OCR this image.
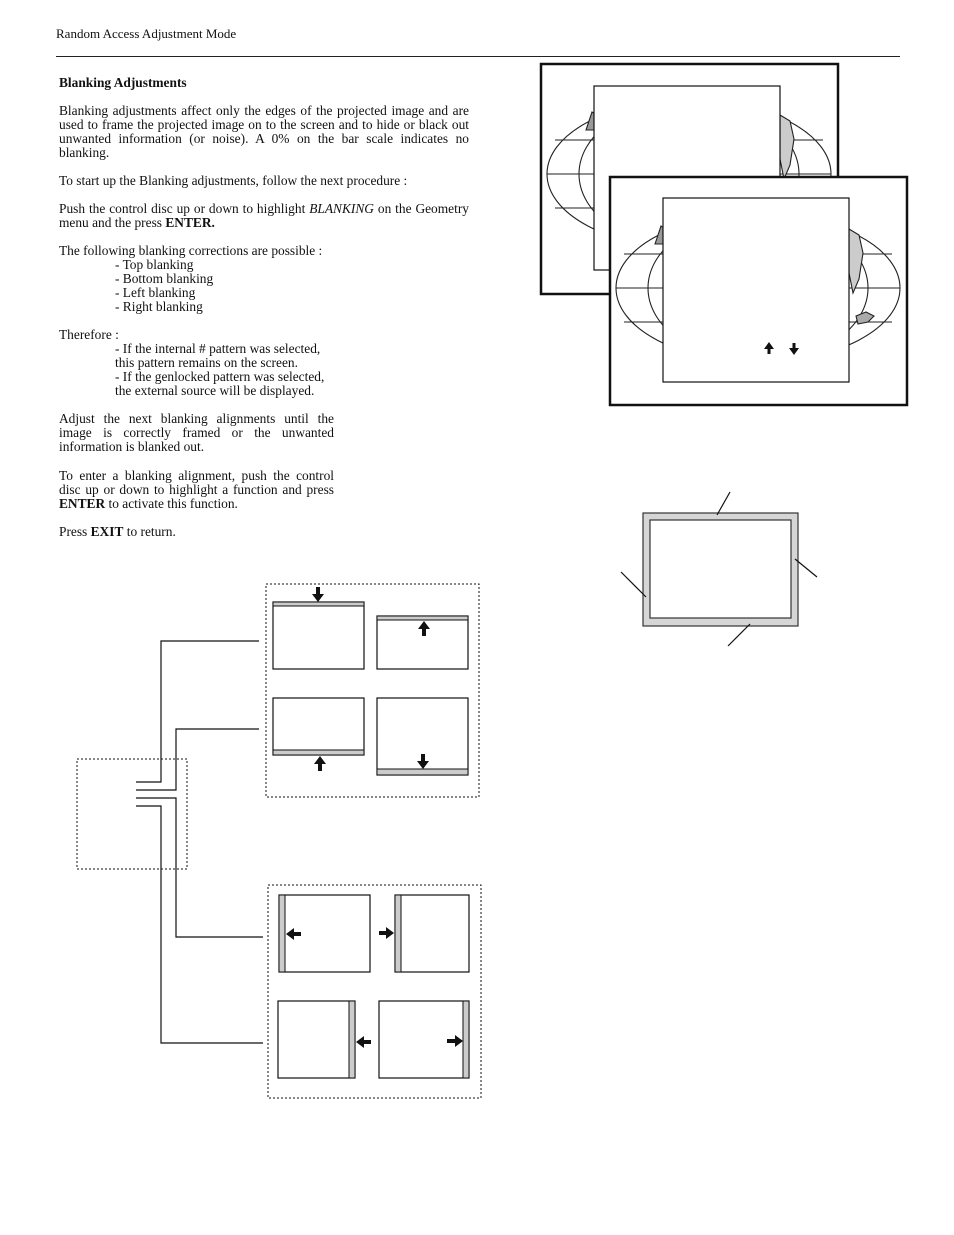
Random Access Adjustment Mode
Blanking Adjustments
Blanking adjustments affect only the edges of the projected image and are used to frame the projected image on to the screen and to hide or black out unwanted information (or noise). A 0% on the bar scale indicates no blanking.
To start up the Blanking adjustments, follow the next procedure :
Push the control disc up or down to highlight BLANKING on the Geometry menu and the press ENTER.

The following blanking corrections are possible :

- Top blanking

- Bottom blanking

- Left blanking

- Right blanking

Therefore :

- If the internal # pattern was selected, this pattern remains on the screen.

- If the genlocked pattern was selected, the external source will be displayed.

Adjust the next blanking alignments until the image is correctly framed or the unwanted information is blanked out.
To enter a blanking alignment, push the control disc up or down to highlight a function and press ENTER to activate this function.
Press EXIT to return.
